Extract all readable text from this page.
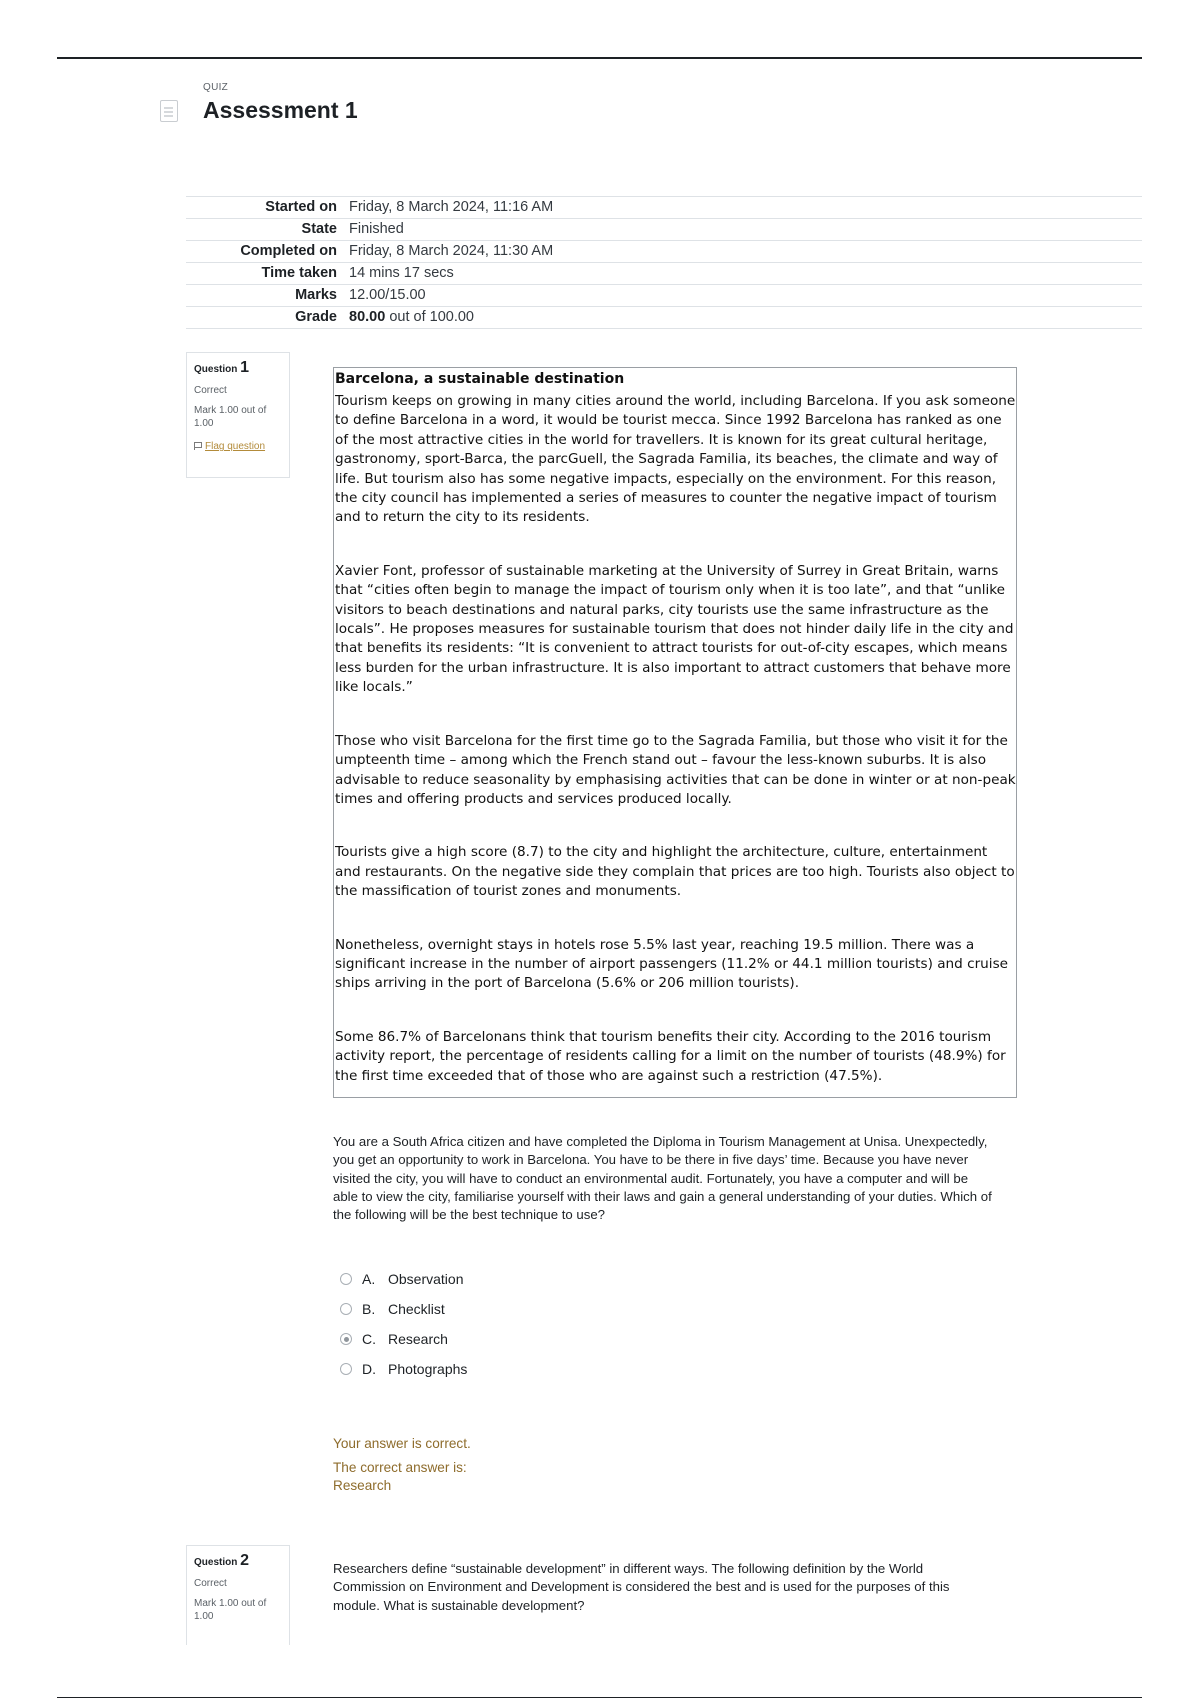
QUIZ
Assessment 1
Started on	Friday, 8 March 2024, 11:16 AM
State	Finished
Completed on	Friday, 8 March 2024, 11:30 AM
Time taken	14 mins 17 secs
Marks	12.00/15.00
Grade	80.00 out of 100.00
Question 1
Correct
Mark 1.00 out of 1.00
Flag question
Barcelona, a sustainable destination

Tourism keeps on growing in many cities around the world, including Barcelona. If you ask someone to define Barcelona in a word, it would be tourist mecca. Since 1992 Barcelona has ranked as one of the most attractive cities in the world for travellers. It is known for its great cultural heritage, gastronomy, sport-Barca, the parcGuell, the Sagrada Familia, its beaches, the climate and way of life. But tourism also has some negative impacts, especially on the environment. For this reason, the city council has implemented a series of measures to counter the negative impact of tourism and to return the city to its residents.

Xavier Font, professor of sustainable marketing at the University of Surrey in Great Britain, warns that “cities often begin to manage the impact of tourism only when it is too late”, and that “unlike visitors to beach destinations and natural parks, city tourists use the same infrastructure as the locals”. He proposes measures for sustainable tourism that does not hinder daily life in the city and that benefits its residents: “It is convenient to attract tourists for out-of-city escapes, which means less burden for the urban infrastructure. It is also important to attract customers that behave more like locals.”

Those who visit Barcelona for the first time go to the Sagrada Familia, but those who visit it for the umpteenth time – among which the French stand out – favour the less-known suburbs. It is also advisable to reduce seasonality by emphasising activities that can be done in winter or at non-peak times and offering products and services produced locally.

Tourists give a high score (8.7) to the city and highlight the architecture, culture, entertainment and restaurants. On the negative side they complain that prices are too high. Tourists also object to the massification of tourist zones and monuments.

Nonetheless, overnight stays in hotels rose 5.5% last year, reaching 19.5 million. There was a significant increase in the number of airport passengers (11.2% or 44.1 million tourists) and cruise ships arriving in the port of Barcelona (5.6% or 206 million tourists).

Some 86.7% of Barcelonans think that tourism benefits their city. According to the 2016 tourism activity report, the percentage of residents calling for a limit on the number of tourists (48.9%) for the first time exceeded that of those who are against such a restriction (47.5%).

You are a South Africa citizen and have completed the Diploma in Tourism Management at Unisa. Unexpectedly, you get an opportunity to work in Barcelona. You have to be there in five days’ time. Because you have never visited the city, you will have to conduct an environmental audit. Fortunately, you have a computer and will be able to view the city, familiarise yourself with their laws and gain a general understanding of your duties. Which of the following will be the best technique to use?

A. Observation
B. Checklist
C. Research
D. Photographs
Your answer is correct.
The correct answer is:
Research
Question 2
Correct
Mark 1.00 out of 1.00

Researchers define “sustainable development” in different ways. The following definition by the World Commission on Environment and Development is considered the best and is used for the purposes of this module. What is sustainable development?
